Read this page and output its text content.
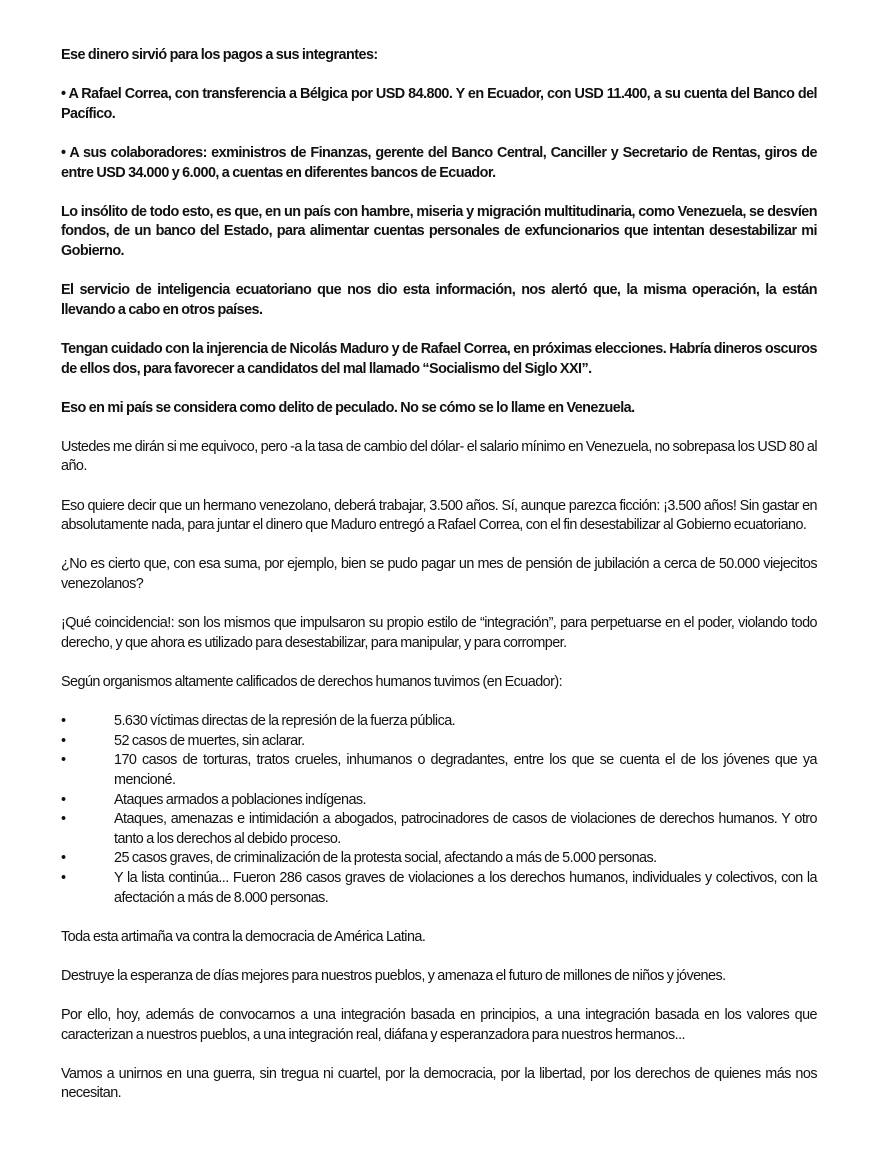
Ese dinero sirvió para los pagos a sus integrantes:

• A Rafael Correa, con transferencia a Bélgica por USD 84.800. Y en Ecuador, con USD 11.400, a su cuenta del Banco del Pacífico.

• A sus colaboradores: exministros de Finanzas, gerente del Banco Central, Canciller y Secretario de Rentas, giros de entre USD 34.000 y 6.000, a cuentas en diferentes bancos de Ecuador.

Lo insólito de todo esto, es que, en un país con hambre, miseria y migración multitudinaria, como Venezuela, se desvíen fondos, de un banco del Estado, para alimentar cuentas personales de exfuncionarios que intentan desestabilizar mi Gobierno.

El servicio de inteligencia ecuatoriano que nos dio esta información, nos alertó que, la misma operación, la están llevando a cabo en otros países.

Tengan cuidado con la injerencia de Nicolás Maduro y de Rafael Correa, en próximas elecciones. Habría dineros oscuros de ellos dos, para favorecer a candidatos del mal llamado “Socialismo del Siglo XXI”.

Eso en mi país se considera como delito de peculado. No se cómo se lo llame en Venezuela.

Ustedes me dirán si me equivoco, pero -a la tasa de cambio del dólar- el salario mínimo en Venezuela, no sobrepasa los USD 80 al año.

Eso quiere decir que un hermano venezolano, deberá trabajar, 3.500 años. Sí, aunque parezca ficción: ¡3.500 años! Sin gastar en absolutamente nada, para juntar el dinero que Maduro entregó a Rafael Correa, con el fin desestabilizar al Gobierno ecuatoriano.

¿No es cierto que, con esa suma, por ejemplo, bien se pudo pagar un mes de pensión de jubilación a cerca de 50.000 viejecitos venezolanos?

¡Qué coincidencia!: son los mismos que impulsaron su propio estilo de “integración”, para perpetuarse en el poder, violando todo derecho, y que ahora es utilizado para desestabilizar, para manipular, y para corromper.

Según organismos altamente calificados de derechos humanos tuvimos (en Ecuador):

•	5.630 víctimas directas de la represión de la fuerza pública.
•	52 casos de muertes, sin aclarar.
•	170 casos de torturas, tratos crueles, inhumanos o degradantes, entre los que se cuenta el de los jóvenes que ya mencioné.
•	Ataques armados a poblaciones indígenas.
•	Ataques, amenazas e intimidación a abogados, patrocinadores de casos de violaciones de derechos humanos. Y otro tanto a los derechos al debido proceso.
•	25 casos graves, de criminalización de la protesta social, afectando a más de 5.000 personas.
•	Y la lista continúa... Fueron 286 casos graves de violaciones a los derechos humanos, individuales y colectivos, con la afectación a más de 8.000 personas.

Toda esta artimaña va contra la democracia de América Latina.

Destruye la esperanza de días mejores para nuestros pueblos, y amenaza el futuro de millones de niños y jóvenes.

Por ello, hoy, además de convocarnos a una integración basada en principios, a una integración basada en los valores que caracterizan a nuestros pueblos, a una integración real, diáfana y esperanzadora para nuestros hermanos...

Vamos a unirnos en una guerra, sin tregua ni cuartel, por la democracia, por la libertad, por los derechos de quienes más nos necesitan.
